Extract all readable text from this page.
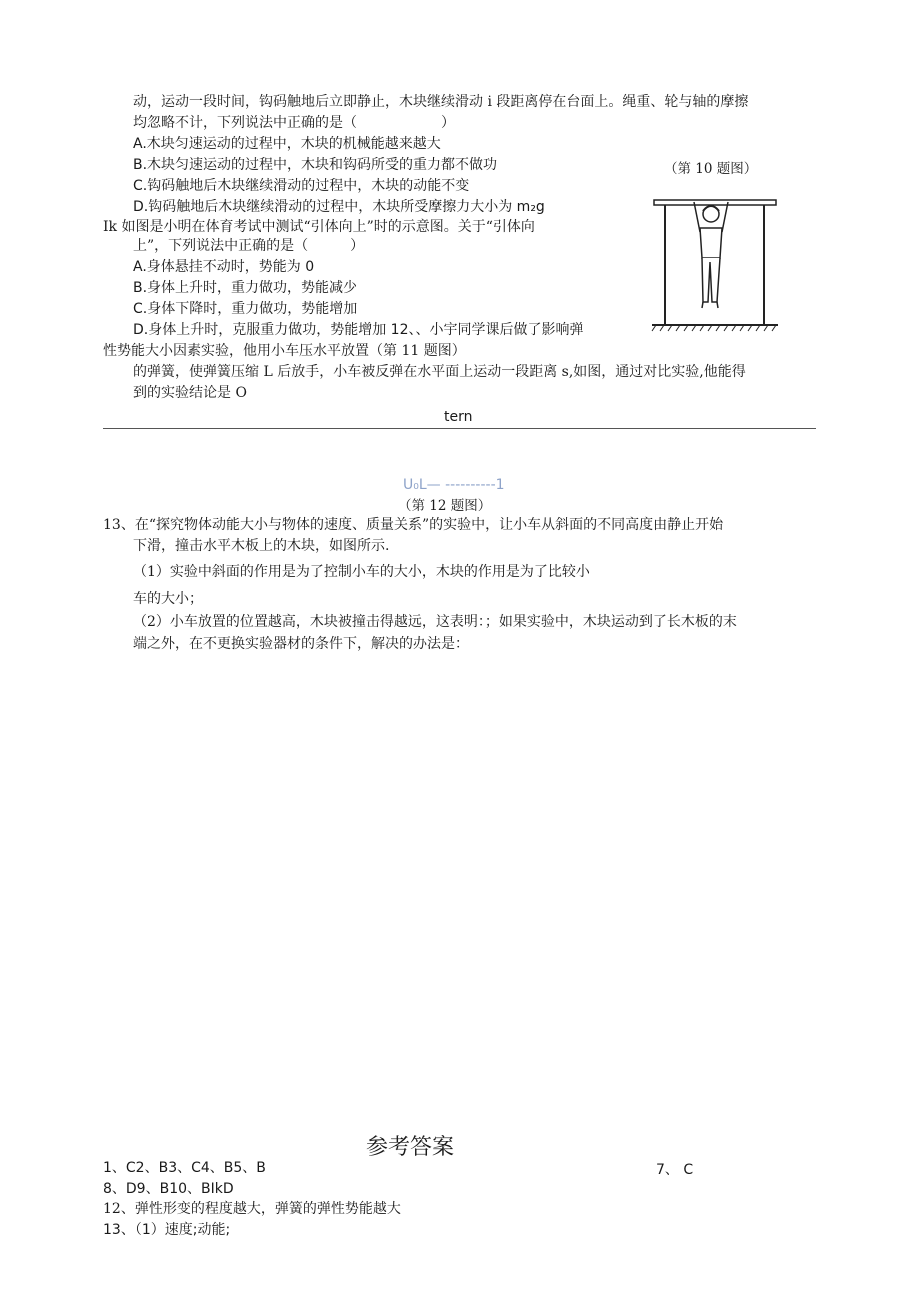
动，运动一段时间，钩码触地后立即静止，木块继续滑动 i 段距离停在台面上。绳重、轮与轴的摩擦
均忽略不计，下列说法中正确的是（　　　　　　）
A.木块匀速运动的过程中，木块的机械能越来越大
B.木块匀速运动的过程中，木块和钩码所受的重力都不做功
C.钩码触地后木块继续滑动的过程中，木块的动能不变
D.钩码触地后木块继续滑动的过程中，木块所受摩擦力大小为 m₂g
（第 10 题图）
Ik 如图是小明在体育考试中测试“引体向上”时的示意图。关于“引体向
上”，下列说法中正确的是（　　　）
A.身体悬挂不动时，势能为 0
B.身体上升时，重力做功，势能减少
C.身体下降时，重力做功，势能增加
D.身体上升时，克服重力做功，势能增加 12、、小宇同学课后做了影响弹
性势能大小因素实验，他用小车压水平放置（第 11 题图）
的弹簧，使弹簧压缩 L 后放手，小车被反弹在水平面上运动一段距离 s,如图，通过对比实验,他能得
到的实验结论是 O
tern
U₀L— ----------1
（第 12 题图）
13、在“探究物体动能大小与物体的速度、质量关系”的实验中，让小车从斜面的不同高度由静止开始
下滑，撞击水平木板上的木块，如图所示.
（1）实验中斜面的作用是为了控制小车的大小，木块的作用是为了比较小
车的大小；
（2）小车放置的位置越高，木块被撞击得越远，这表明：；如果实验中，木块运动到了长木板的末
端之外，在不更换实验器材的条件下，解决的办法是：
参考答案
1、C2、B3、C4、B5、B	7、 C
8、D9、B10、BIkD
12、弹性形变的程度越大，弹簧的弹性势能越大
13、（1）速度;动能;
